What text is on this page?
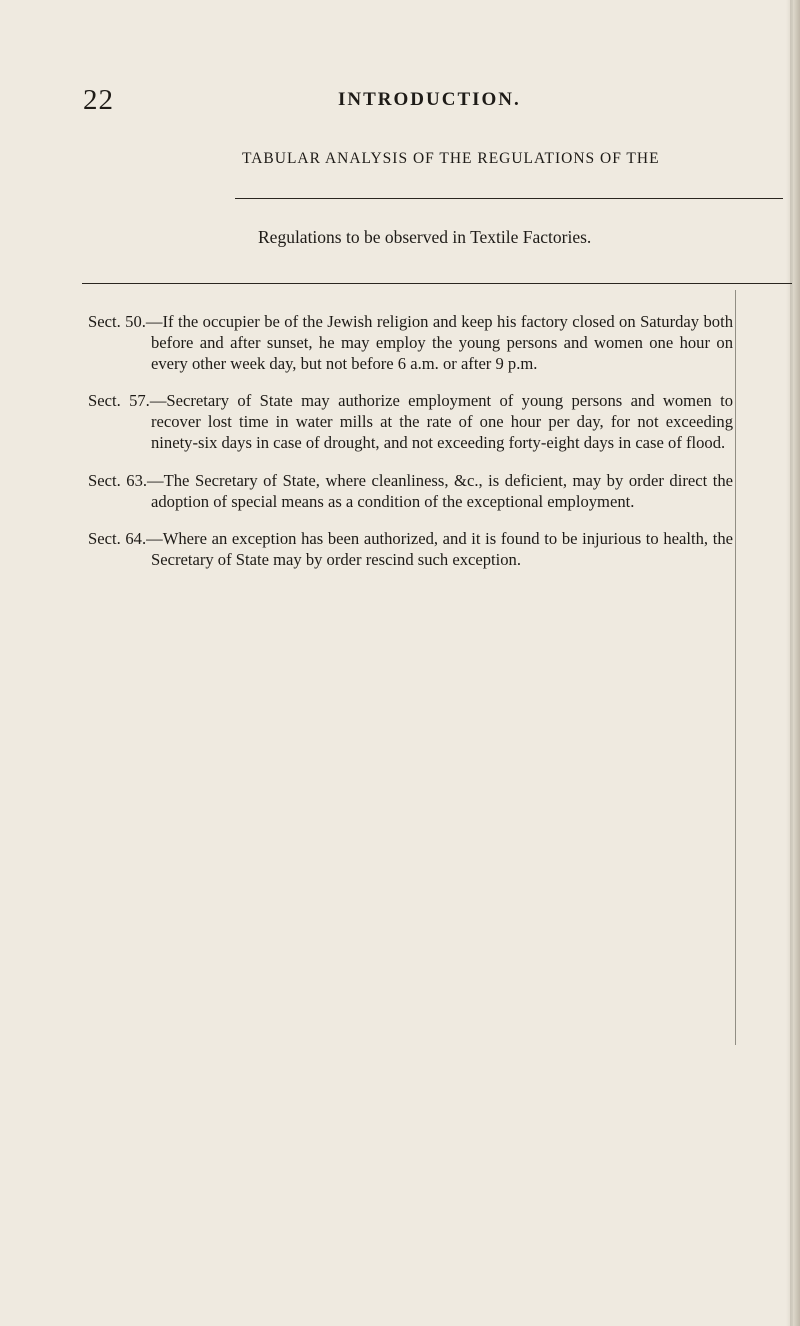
22	INTRODUCTION.
TABULAR ANALYSIS OF THE REGULATIONS OF THE
Regulations to be observed in Textile Factories.

Sect. 50.—If the occupier be of the Jewish religion and keep his factory closed on Saturday both before and after sunset, he may employ the young persons and women one hour on every other week day, but not before 6 a.m. or after 9 p.m.

Sect. 57.—Secretary of State may authorize employment of young persons and women to recover lost time in water mills at the rate of one hour per day, for not exceeding ninety-six days in case of drought, and not exceeding forty-eight days in case of flood.

Sect. 63.—The Secretary of State, where cleanliness, &c., is deficient, may by order direct the adoption of special means as a condition of the exceptional employment.

Sect. 64.—Where an exception has been authorized, and it is found to be injurious to health, the Secretary of State may by order rescind such exception.
